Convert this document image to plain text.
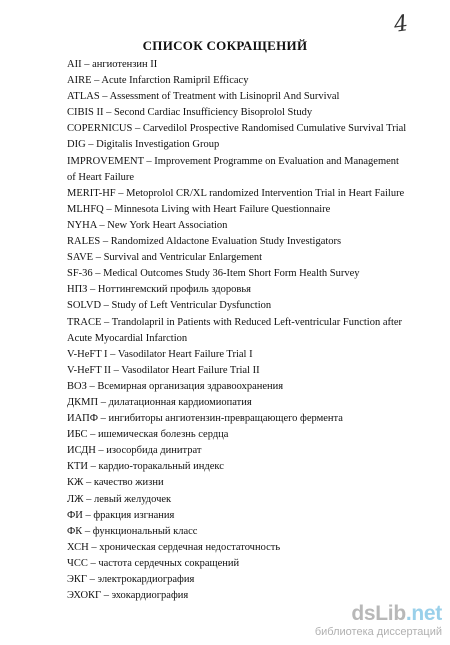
4
СПИСОК СОКРАЩЕНИЙ
АII – ангиотензин II
AIRE – Acute Infarction Ramipril Efficacy
ATLAS – Assessment of Treatment with Lisinopril And Survival
CIBIS II – Second Cardiac Insufficiency Bisoprolol Study
COPERNICUS – Carvedilol Prospective Randomised Cumulative Survival Trial
DIG – Digitalis Investigation Group
IMPROVEMENT – Improvement Programme on Evaluation and Management
of Heart Failure
MERIT-HF – Metoprolol CR/XL randomized Intervention Trial in Heart Failure
MLHFQ – Minnesota Living with Heart Failure Questionnaire
NYHA – New York Heart Association
RALES – Randomized Aldactone Evaluation Study Investigators
SAVE – Survival and Ventricular Enlargement
SF-36 – Medical Outcomes Study 36-Item Short Form Health Survey
НПЗ – Ноттингемский профиль здоровья
SOLVD – Study of Left Ventricular Dysfunction
TRACE – Trandolapril in Patients with Reduced Left-ventricular Function after
Acute Myocardial Infarction
V-HeFT I – Vasodilator Heart Failure Trial I
V-HeFT II – Vasodilator Heart Failure Trial II
ВОЗ – Всемирная организация здравоохранения
ДКМП – дилатационная кардиомиопатия
ИАПФ – ингибиторы ангиотензин-превращающего фермента
ИБС – ишемическая болезнь сердца
ИСДН – изосорбида динитрат
КТИ – кардио-торакальный индекс
КЖ – качество жизни
ЛЖ – левый желудочек
ФИ – фракция изгнания
ФК – функциональный класс
ХСН – хроническая сердечная недостаточность
ЧСС – частота сердечных сокращений
ЭКГ – электрокардиография
ЭХОКГ – эхокардиография
dsLib.net
библиотека диссертаций
